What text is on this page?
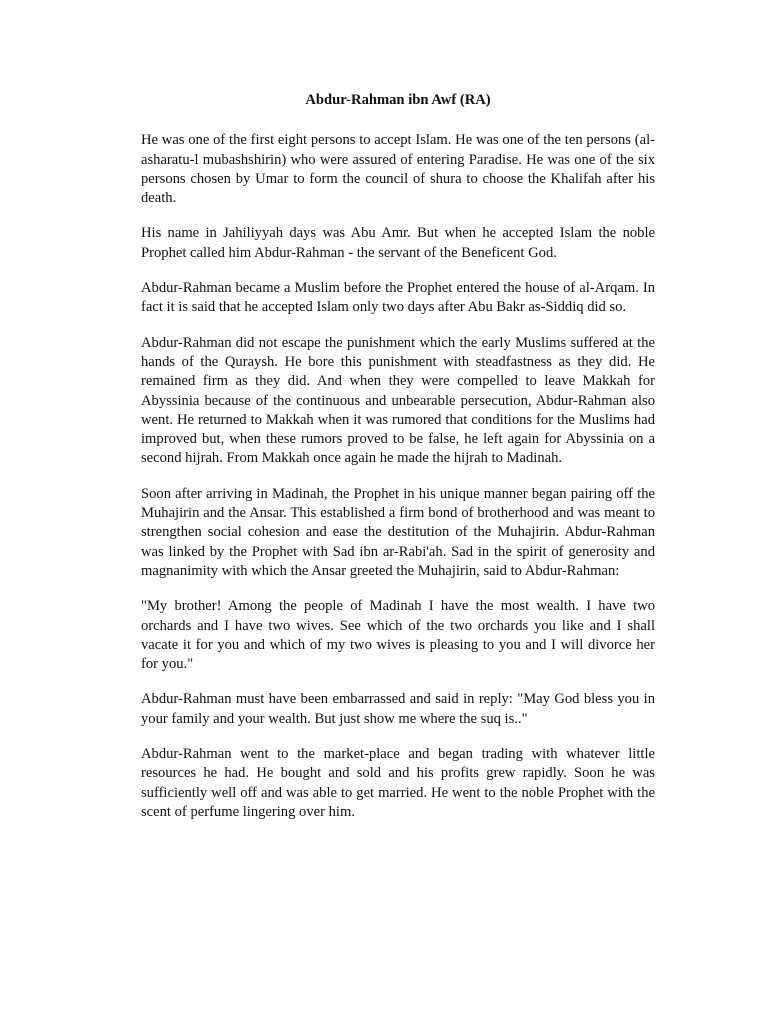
Abdur-Rahman ibn Awf (RA)

He was one of the first eight persons to accept Islam. He was one of the ten persons (al-asharatu-l mubashshirin) who were assured of entering Paradise. He was one of the six persons chosen by Umar to form the council of shura to choose the Khalifah after his death.

His name in Jahiliyyah days was Abu Amr. But when he accepted Islam the noble Prophet called him Abdur-Rahman - the servant of the Beneficent God.

Abdur-Rahman became a Muslim before the Prophet entered the house of al-Arqam. In fact it is said that he accepted Islam only two days after Abu Bakr as-Siddiq did so.

Abdur-Rahman did not escape the punishment which the early Muslims suffered at the hands of the Quraysh. He bore this punishment with steadfastness as they did. He remained firm as they did. And when they were compelled to leave Makkah for Abyssinia because of the continuous and unbearable persecution, Abdur-Rahman also went. He returned to Makkah when it was rumored that conditions for the Muslims had improved but, when these rumors proved to be false, he left again for Abyssinia on a second hijrah. From Makkah once again he made the hijrah to Madinah.

Soon after arriving in Madinah, the Prophet in his unique manner began pairing off the Muhajirin and the Ansar. This established a firm bond of brotherhood and was meant to strengthen social cohesion and ease the destitution of the Muhajirin. Abdur-Rahman was linked by the Prophet with Sad ibn ar-Rabi'ah. Sad in the spirit of generosity and magnanimity with which the Ansar greeted the Muhajirin, said to Abdur-Rahman:

"My brother! Among the people of Madinah I have the most wealth. I have two orchards and I have two wives. See which of the two orchards you like and I shall vacate it for you and which of my two wives is pleasing to you and I will divorce her for you."

Abdur-Rahman must have been embarrassed and said in reply: "May God bless you in your family and your wealth. But just show me where the suq is.."

Abdur-Rahman went to the market-place and began trading with whatever little resources he had. He bought and sold and his profits grew rapidly. Soon he was sufficiently well off and was able to get married. He went to the noble Prophet with the scent of perfume lingering over him.
